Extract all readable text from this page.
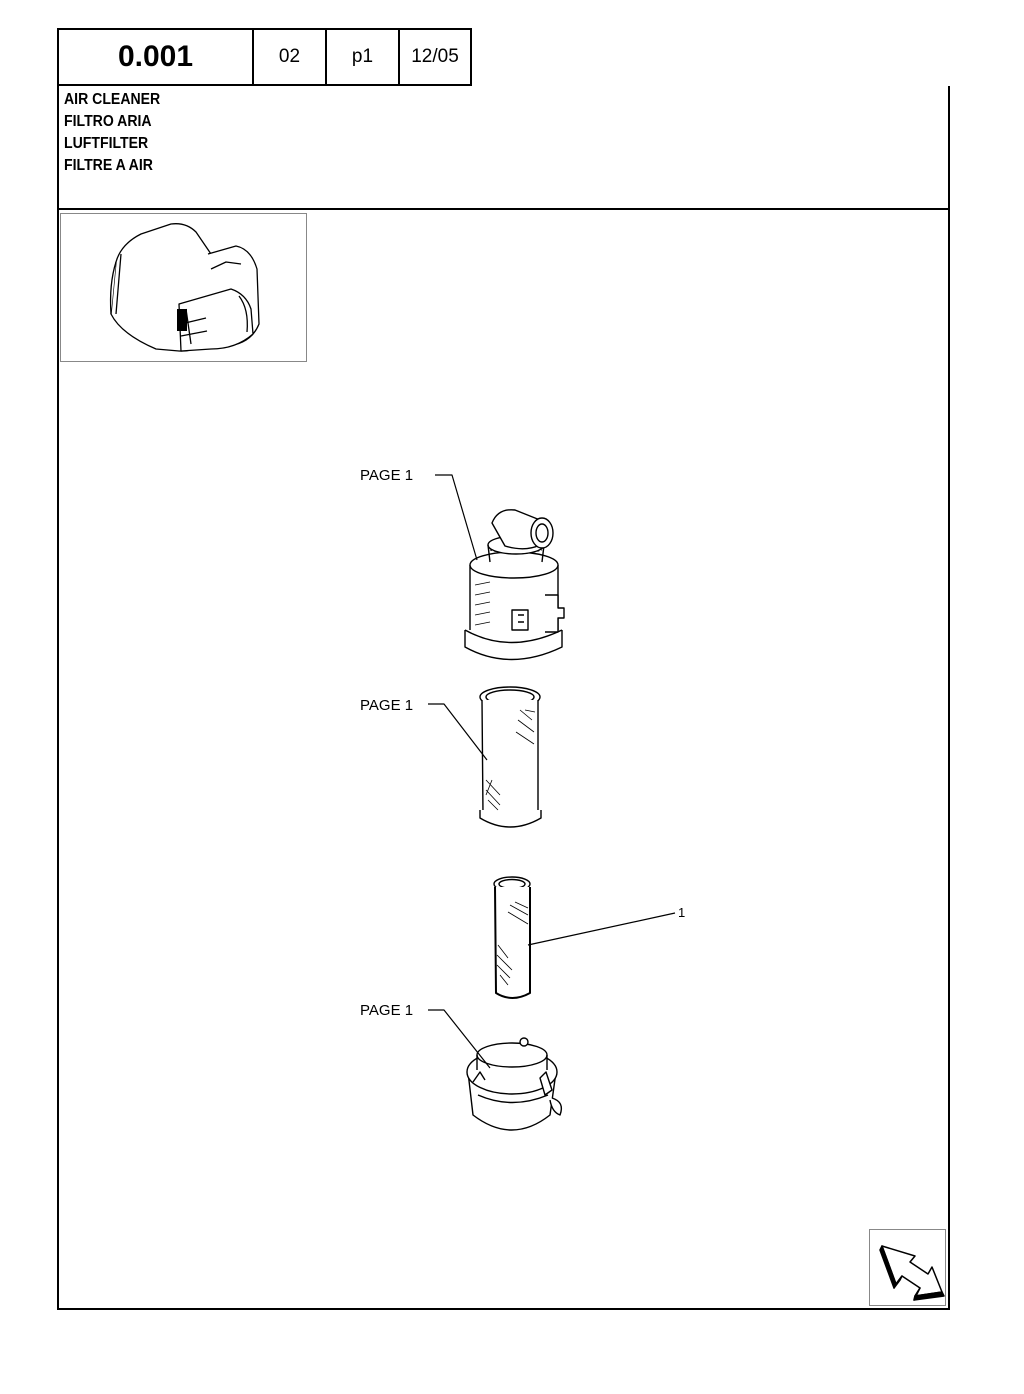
0.001	02	p1	12/05
AIR CLEANER
FILTRO ARIA
LUFTFILTER
FILTRE A AIR
PAGE 1
PAGE 1
1
PAGE 1
